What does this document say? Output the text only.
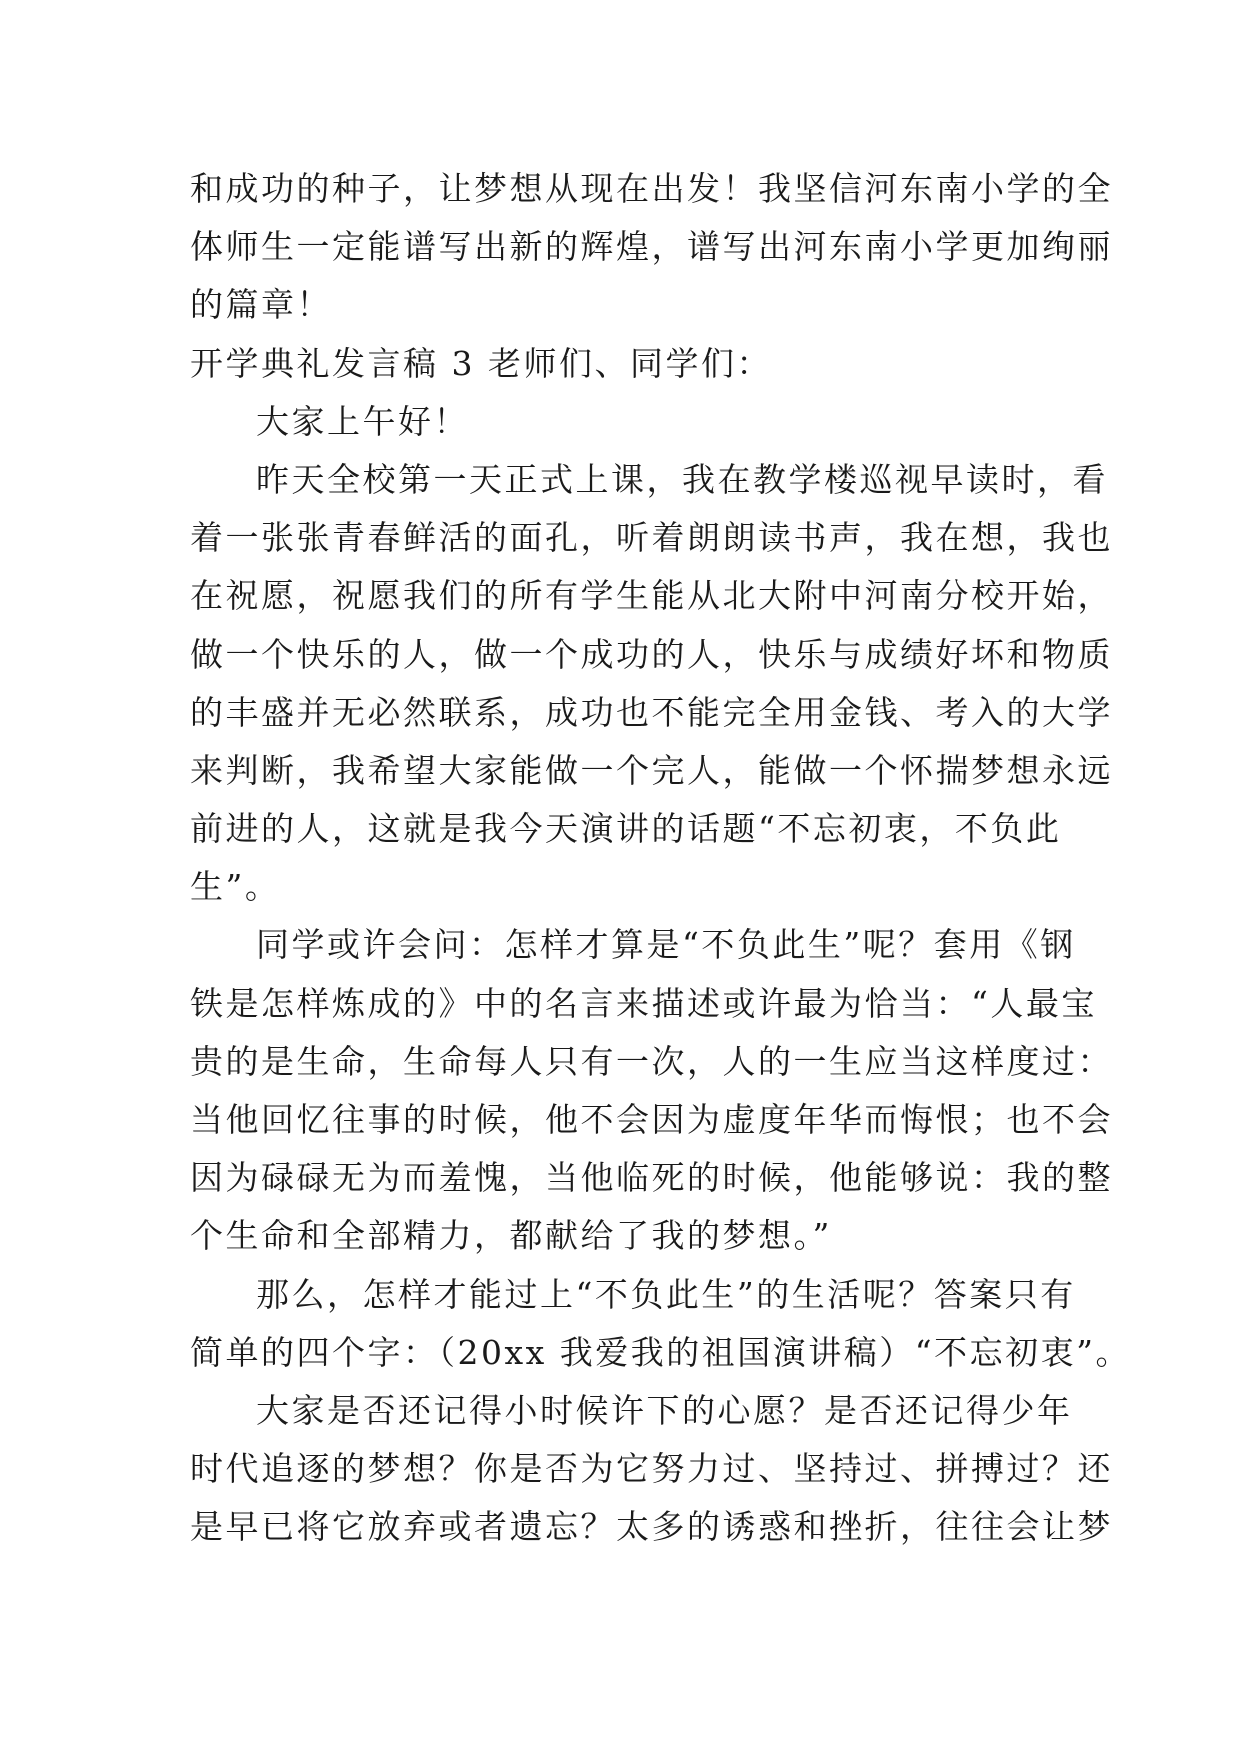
和成功的种子，让梦想从现在出发！我坚信河东南小学的全
体师生一定能谱写出新的辉煌，谱写出河东南小学更加绚丽
的篇章！
开学典礼发言稿 3 老师们、同学们：
大家上午好！
昨天全校第一天正式上课，我在教学楼巡视早读时，看
着一张张青春鲜活的面孔，听着朗朗读书声，我在想，我也
在祝愿，祝愿我们的所有学生能从北大附中河南分校开始，
做一个快乐的人，做一个成功的人，快乐与成绩好坏和物质
的丰盛并无必然联系，成功也不能完全用金钱、考入的大学
来判断，我希望大家能做一个完人，能做一个怀揣梦想永远
前进的人，这就是我今天演讲的话题“不忘初衷，不负此
生”。
同学或许会问：怎样才算是“不负此生”呢？套用《钢
铁是怎样炼成的》中的名言来描述或许最为恰当：“人最宝
贵的是生命，生命每人只有一次，人的一生应当这样度过：
当他回忆往事的时候，他不会因为虚度年华而悔恨；也不会
因为碌碌无为而羞愧，当他临死的时候，他能够说：我的整
个生命和全部精力，都献给了我的梦想。”
那么，怎样才能过上“不负此生”的生活呢？答案只有
简单的四个字：（20xx 我爱我的祖国演讲稿）“不忘初衷”。
大家是否还记得小时候许下的心愿？是否还记得少年
时代追逐的梦想？你是否为它努力过、坚持过、拼搏过？还
是早已将它放弃或者遗忘？太多的诱惑和挫折，往往会让梦
